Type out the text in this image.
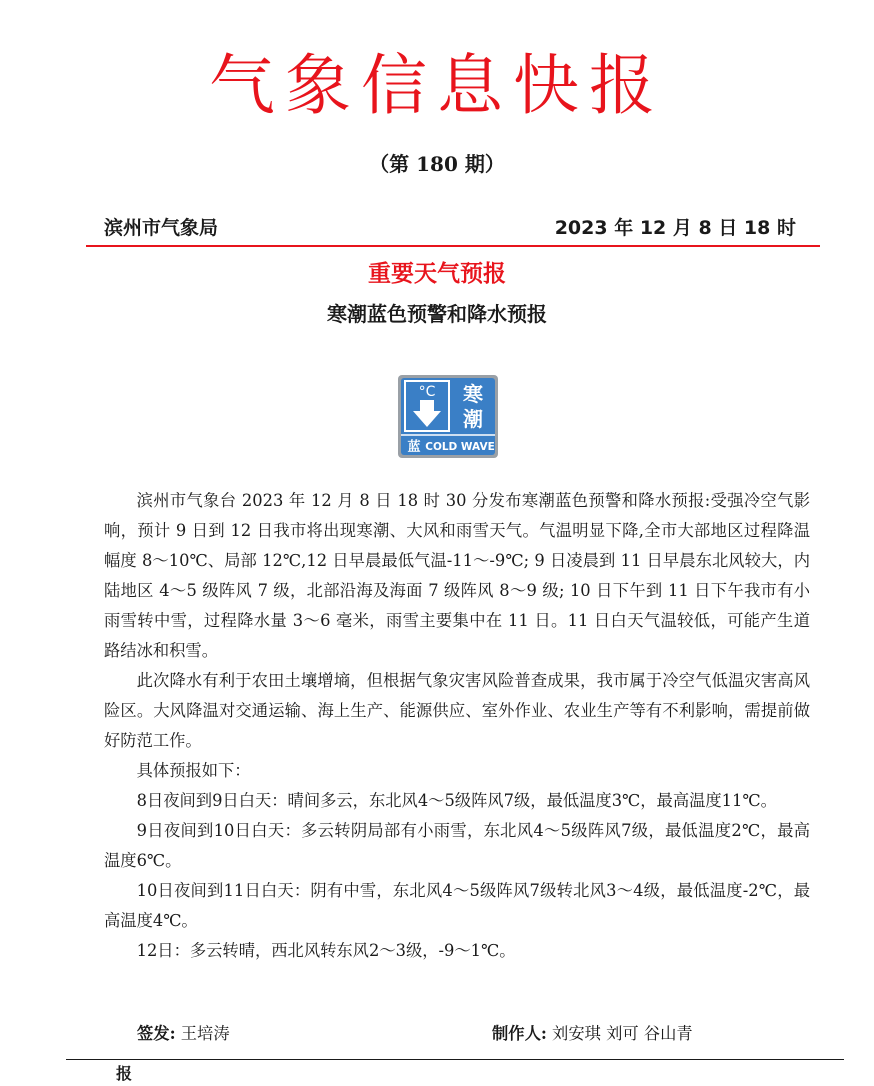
气象信息快报
（第 180 期）
滨州市气象局	2023 年 12 月 8 日 18 时
重要天气预报
寒潮蓝色预警和降水预报
°C 寒
潮
蓝 COLD WAVE

滨州市气象台 2023 年 12 月 8 日 18 时 30 分发布寒潮蓝色预警和降水预报:受强冷空气影响，预计 9 日到 12 日我市将出现寒潮、大风和雨雪天气。气温明显下降,全市大部地区过程降温幅度 8～10℃、局部 12℃,12 日早晨最低气温-11～-9℃; 9 日凌晨到 11 日早晨东北风较大，内陆地区 4～5 级阵风 7 级，北部沿海及海面 7 级阵风 8～9 级; 10 日下午到 11 日下午我市有小雨雪转中雪，过程降水量 3～6 毫米，雨雪主要集中在 11 日。11 日白天气温较低，可能产生道路结冰和积雪。

此次降水有利于农田土壤增墒，但根据气象灾害风险普查成果，我市属于冷空气低温灾害高风险区。大风降温对交通运输、海上生产、能源供应、室外作业、农业生产等有不利影响，需提前做好防范工作。

具体预报如下：

8日夜间到9日白天：晴间多云，东北风4～5级阵风7级，最低温度3℃，最高温度11℃。

9日夜间到10日白天：多云转阴局部有小雨雪，东北风4～5级阵风7级，最低温度2℃，最高温度6℃。

10日夜间到11日白天：阴有中雪，东北风4～5级阵风7级转北风3～4级，最低温度-2℃，最高温度4℃。

12日：多云转晴，西北风转东风2～3级，-9～1℃。

签发: 王培涛	制作人: 刘安琪 刘可 谷山青
报
